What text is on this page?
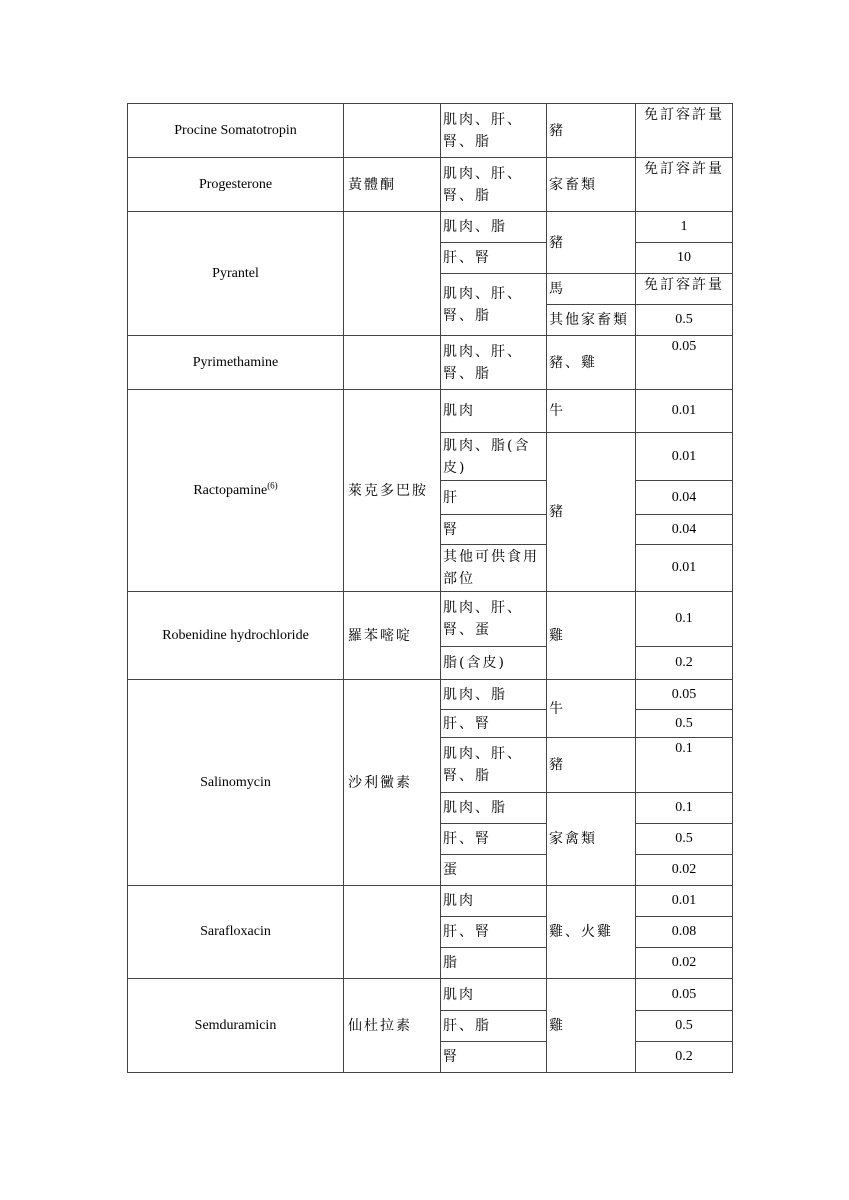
Procine Somatotropin		肌肉、肝、腎、脂	豬	免訂容許量
Progesterone	黃體酮	肌肉、肝、腎、脂	家畜類	免訂容許量
Pyrantel		肌肉、脂	豬	1
		肝、腎		10
		肌肉、肝、腎、脂	馬	免訂容許量
			其他家畜類	0.5
Pyrimethamine		肌肉、肝、腎、脂	豬、雞	0.05
Ractopamine$^{(6)}$	萊克多巴胺	肌肉	牛	0.01
		肌肉、脂(含皮)	豬	0.01
		肝		0.04
		腎		0.04
		其他可供食用部位		0.01
Robenidine hydrochloride	羅苯嘧啶	肌肉、肝、腎、蛋	雞	0.1
		脂(含皮)		0.2
Salinomycin	沙利黴素	肌肉、脂	牛	0.05
		肝、腎		0.5
		肌肉、肝、腎、脂	豬	0.1
		肌肉、脂	家禽類	0.1
		肝、腎		0.5
		蛋		0.02
Sarafloxacin		肌肉	雞、火雞	0.01
		肝、腎		0.08
		脂		0.02
Semduramicin	仙杜拉素	肌肉	雞	0.05
		肝、脂		0.5
		腎		0.2
